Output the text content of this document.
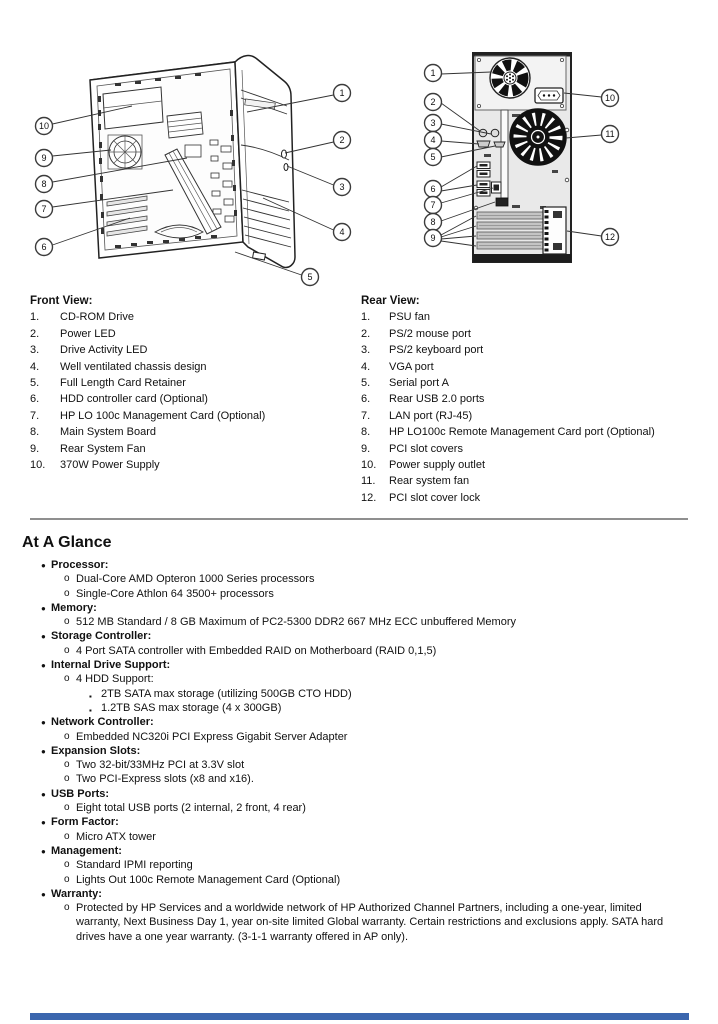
1
2
3
4
5
6
7
8
9
10
1
2
3
4
5
6
7
8
9
10
11
12
Front View:
1.	CD-ROM Drive
2.	Power LED
3.	Drive Activity LED
4.	Well ventilated chassis design
5.	Full Length Card Retainer
6.	HDD controller card (Optional)
7.	HP LO 100c Management Card (Optional)
8.	Main System Board
9.	Rear System Fan
10.	370W Power Supply
Rear View:
1.	PSU fan
2.	PS/2 mouse port
3.	PS/2 keyboard port
4.	VGA port
5.	Serial port A
6.	Rear USB 2.0 ports
7.	LAN port (RJ-45)
8.	HP LO100c Remote Management Card port (Optional)
9.	PCI slot covers
10.	Power supply outlet
11.	Rear system fan
12.	PCI slot cover lock
At A Glance
● Processor:
o Dual-Core AMD Opteron 1000 Series processors
o Single-Core Athlon 64 3500+ processors
● Memory:
o 512 MB Standard / 8 GB Maximum of PC2-5300 DDR2 667 MHz ECC unbuffered Memory
● Storage Controller:
o 4 Port SATA controller with Embedded RAID on Motherboard (RAID 0,1,5)
● Internal Drive Support:
o 4 HDD Support:
▪ 2TB SATA max storage (utilizing 500GB CTO HDD)
▪ 1.2TB SAS max storage (4 x 300GB)
● Network Controller:
o Embedded NC320i PCI Express Gigabit Server Adapter
● Expansion Slots:
o Two 32-bit/33MHz PCI at 3.3V slot
o Two PCI-Express slots (x8 and x16).
● USB Ports:
o Eight total USB ports (2 internal, 2 front, 4 rear)
● Form Factor:
o Micro ATX tower
● Management:
o Standard IPMI reporting
o Lights Out 100c Remote Management Card (Optional)
● Warranty:
o Protected by HP Services and a worldwide network of HP Authorized Channel Partners, including a one-year, limited warranty, Next Business Day 1, year on-site limited Global warranty. Certain restrictions and exclusions apply. SATA hard drives have a one year warranty. (3-1-1 warranty offered in AP only).
